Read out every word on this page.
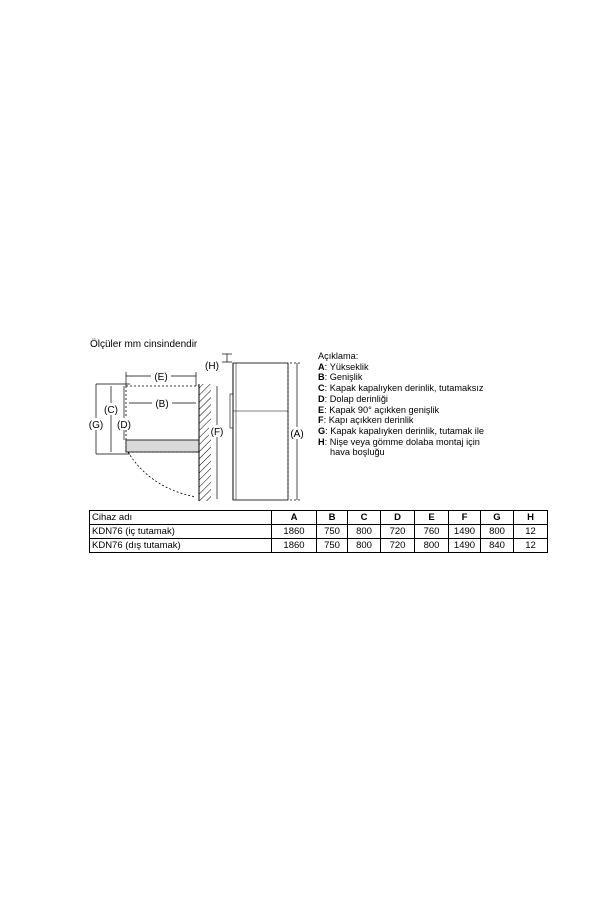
Ölçüler mm cinsindendir
(E)
(B)
(G)
(C)
(D)
(H)
(F)	(A)
Açıklama:
A : Yükseklik
B : Genişlik
C : Kapak kapalıyken derinlik, tutamaksız
D : Dolap derinliği
E : Kapak 90° açıkken genişlik
F : Kapı açıkken derinlik
G : Kapak kapalıyken derinlik, tutamak ile
H : Nişe veya gömme dolaba montaj için
hava boşluğu
Cihaz adı	A	B	C	D	E	F	G	H
KDN76 (iç tutamak)	1860	750	800	720	760	1490	800	12
KDN76 (dış tutamak)	1860	750	800	720	800	1490	840	12
